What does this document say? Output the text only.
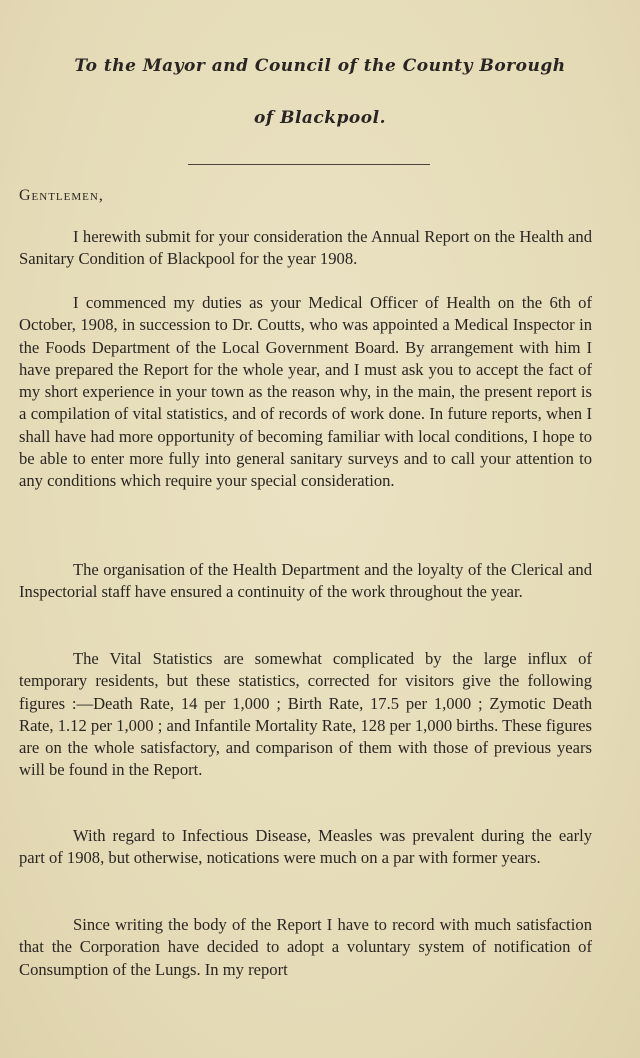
To the Mayor and Council of the County Borough
of Blackpool.
Gentlemen,

I herewith submit for your consideration the Annual Report on the Health and Sanitary Condition of Blackpool for the year 1908.

I commenced my duties as your Medical Officer of Health on the 6th of October, 1908, in succession to Dr. Coutts, who was appointed a Medical Inspector in the Foods Department of the Local Government Board. By arrangement with him I have prepared the Report for the whole year, and I must ask you to accept the fact of my short experience in your town as the reason why, in the main, the present report is a compilation of vital statistics, and of records of work done. In future reports, when I shall have had more opportunity of becoming familiar with local conditions, I hope to be able to enter more fully into general sanitary surveys and to call your attention to any conditions which require your special consideration.

The organisation of the Health Department and the loyalty of the Clerical and Inspectorial staff have ensured a continuity of the work throughout the year.

The Vital Statistics are somewhat complicated by the large influx of temporary residents, but these statistics, corrected for visitors give the following figures :—Death Rate, 14 per 1,000 ; Birth Rate, 17.5 per 1,000 ; Zymotic Death Rate, 1.12 per 1,000 ; and Infantile Mortality Rate, 128 per 1,000 births. These figures are on the whole satisfactory, and comparison of them with those of previous years will be found in the Report.

With regard to Infectious Disease, Measles was prevalent during the early part of 1908, but otherwise, notications were much on a par with former years.

Since writing the body of the Report I have to record with much satisfaction that the Corporation have decided to adopt a voluntary system of notification of Consumption of the Lungs. In my report
